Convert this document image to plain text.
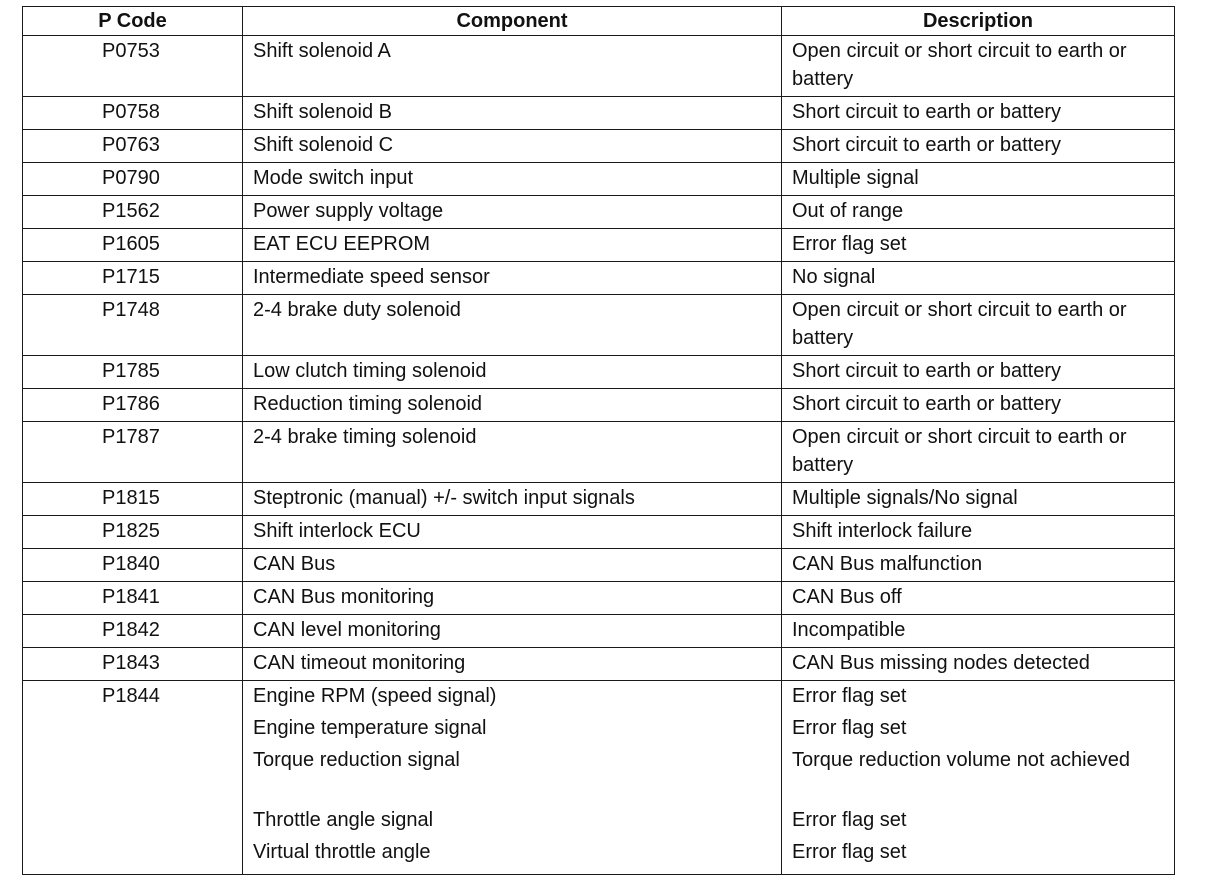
P Code	Component	Description
P0753	Shift solenoid A	Open circuit or short circuit to earth or battery
P0758	Shift solenoid B	Short circuit to earth or battery
P0763	Shift solenoid C	Short circuit to earth or battery
P0790	Mode switch input	Multiple signal
P1562	Power supply voltage	Out of range
P1605	EAT ECU EEPROM	Error flag set
P1715	Intermediate speed sensor	No signal
P1748	2-4 brake duty solenoid	Open circuit or short circuit to earth or battery
P1785	Low clutch timing solenoid	Short circuit to earth or battery
P1786	Reduction timing solenoid	Short circuit to earth or battery
P1787	2-4 brake timing solenoid	Open circuit or short circuit to earth or battery
P1815	Steptronic (manual) +/- switch input signals	Multiple signals/No signal
P1825	Shift interlock ECU	Shift interlock failure
P1840	CAN Bus	CAN Bus malfunction
P1841	CAN Bus monitoring	CAN Bus off
P1842	CAN level monitoring	Incompatible
P1843	CAN timeout monitoring	CAN Bus missing nodes detected
P1844	Engine RPM (speed signal)	Error flag set
	Engine temperature signal	Error flag set
	Torque reduction signal	Torque reduction volume not achieved
	Throttle angle signal	Error flag set
	Virtual throttle angle	Error flag set
